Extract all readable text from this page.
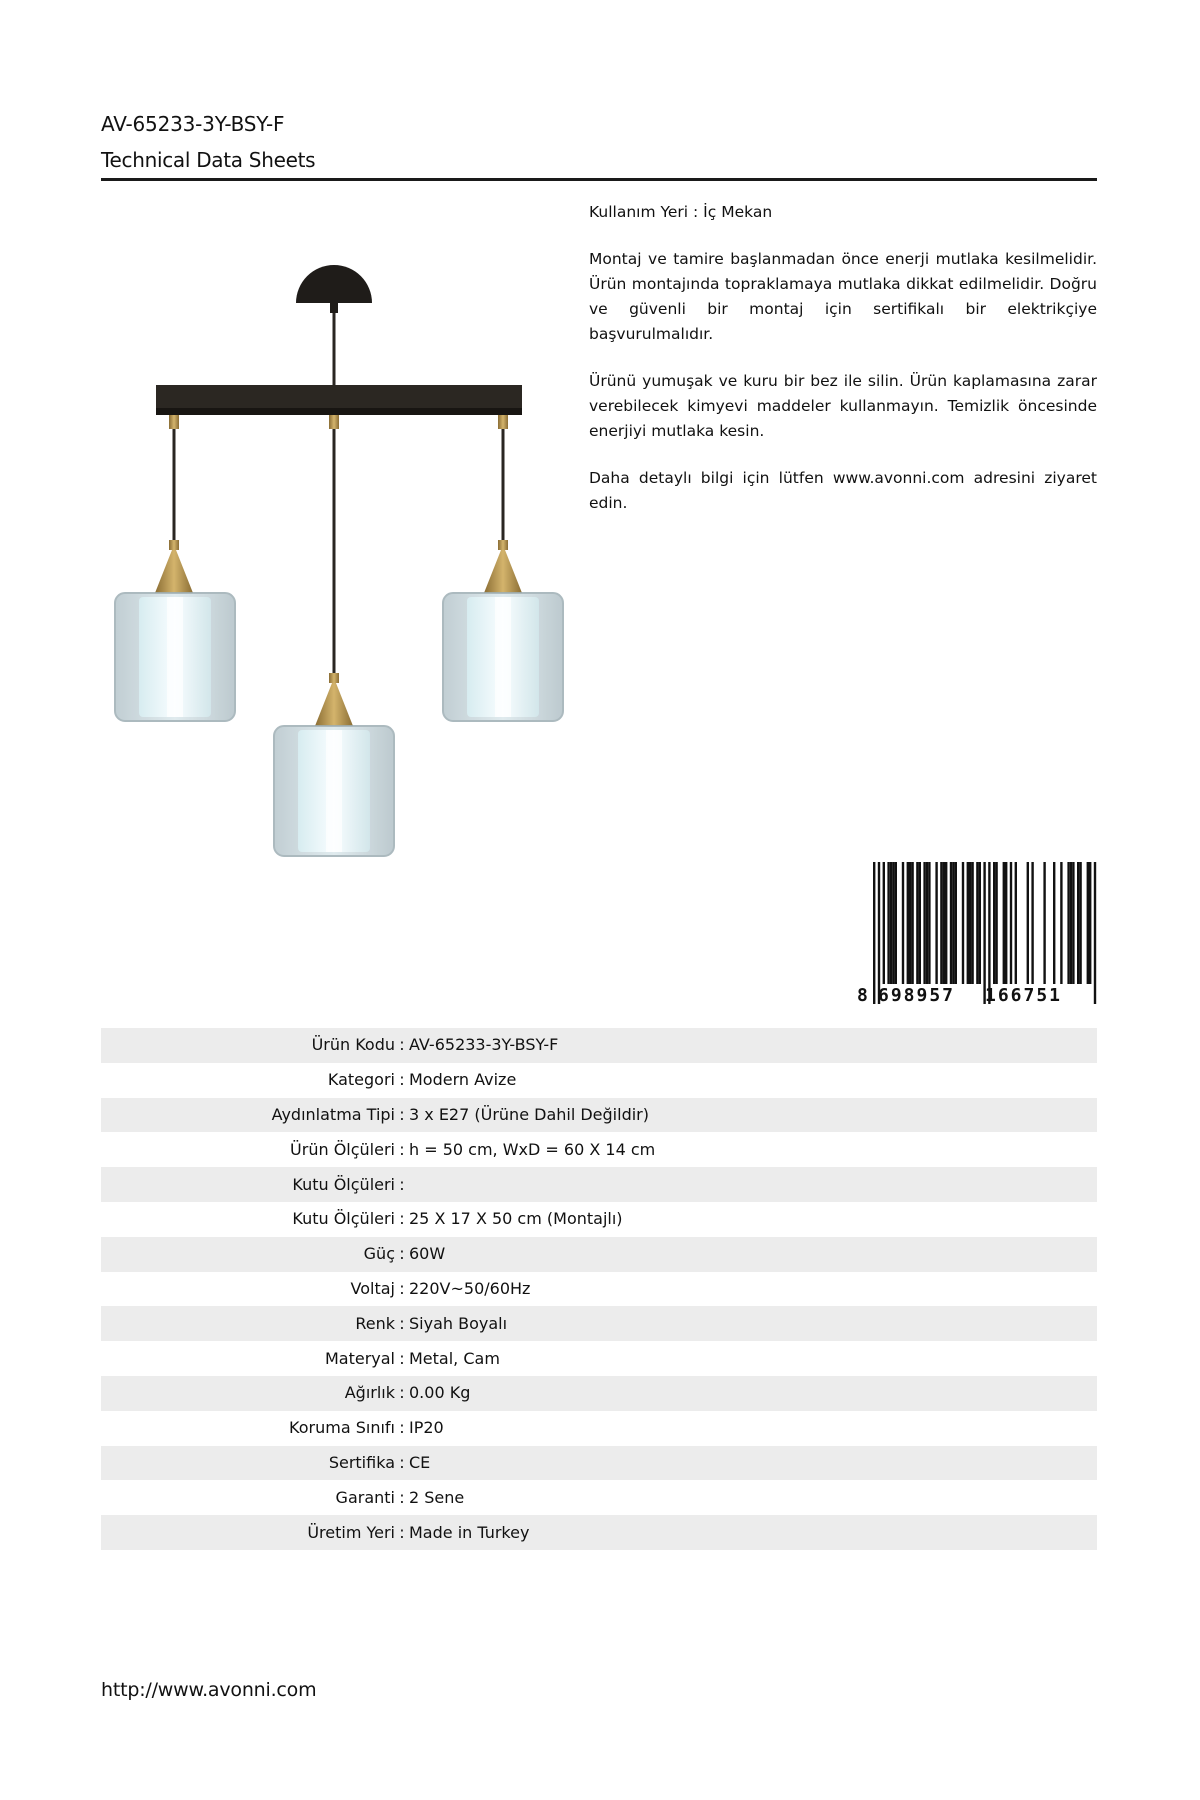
AV-65233-3Y-BSY-F
Technical Data Sheets

Kullanım Yeri : İç Mekan

Montaj ve tamire başlanmadan önce enerji mutlaka kesilmelidir. Ürün montajında topraklamaya mutlaka dikkat edilmelidir. Doğru ve güvenli bir montaj için sertifikalı bir elektrikçiye başvurulmalıdır.

Ürünü yumuşak ve kuru bir bez ile silin. Ürün kaplamasına zarar verebilecek kimyevi maddeler kullanmayın. Temizlik öncesinde enerjiyi mutlaka kesin.

Daha detaylı bilgi için lütfen www.avonni.com adresini ziyaret edin.

8 698957 166751
Ürün Kodu	:	AV-65233-3Y-BSY-F
Kategori	:	Modern Avize
Aydınlatma Tipi	:	3 x E27 (Ürüne Dahil Değildir)
Ürün Ölçüleri	:	h = 50 cm, WxD = 60 X 14 cm
Kutu Ölçüleri	:	
Kutu Ölçüleri	:	25 X 17 X 50 cm (Montajlı)
Güç	:	60W
Voltaj	:	220V~50/60Hz
Renk	:	Siyah Boyalı
Materyal	:	Metal, Cam
Ağırlık	:	0.00 Kg
Koruma Sınıfı	:	IP20
Sertifika	:	CE
Garanti	:	2 Sene
Üretim Yeri	:	Made in Turkey
http://www.avonni.com
